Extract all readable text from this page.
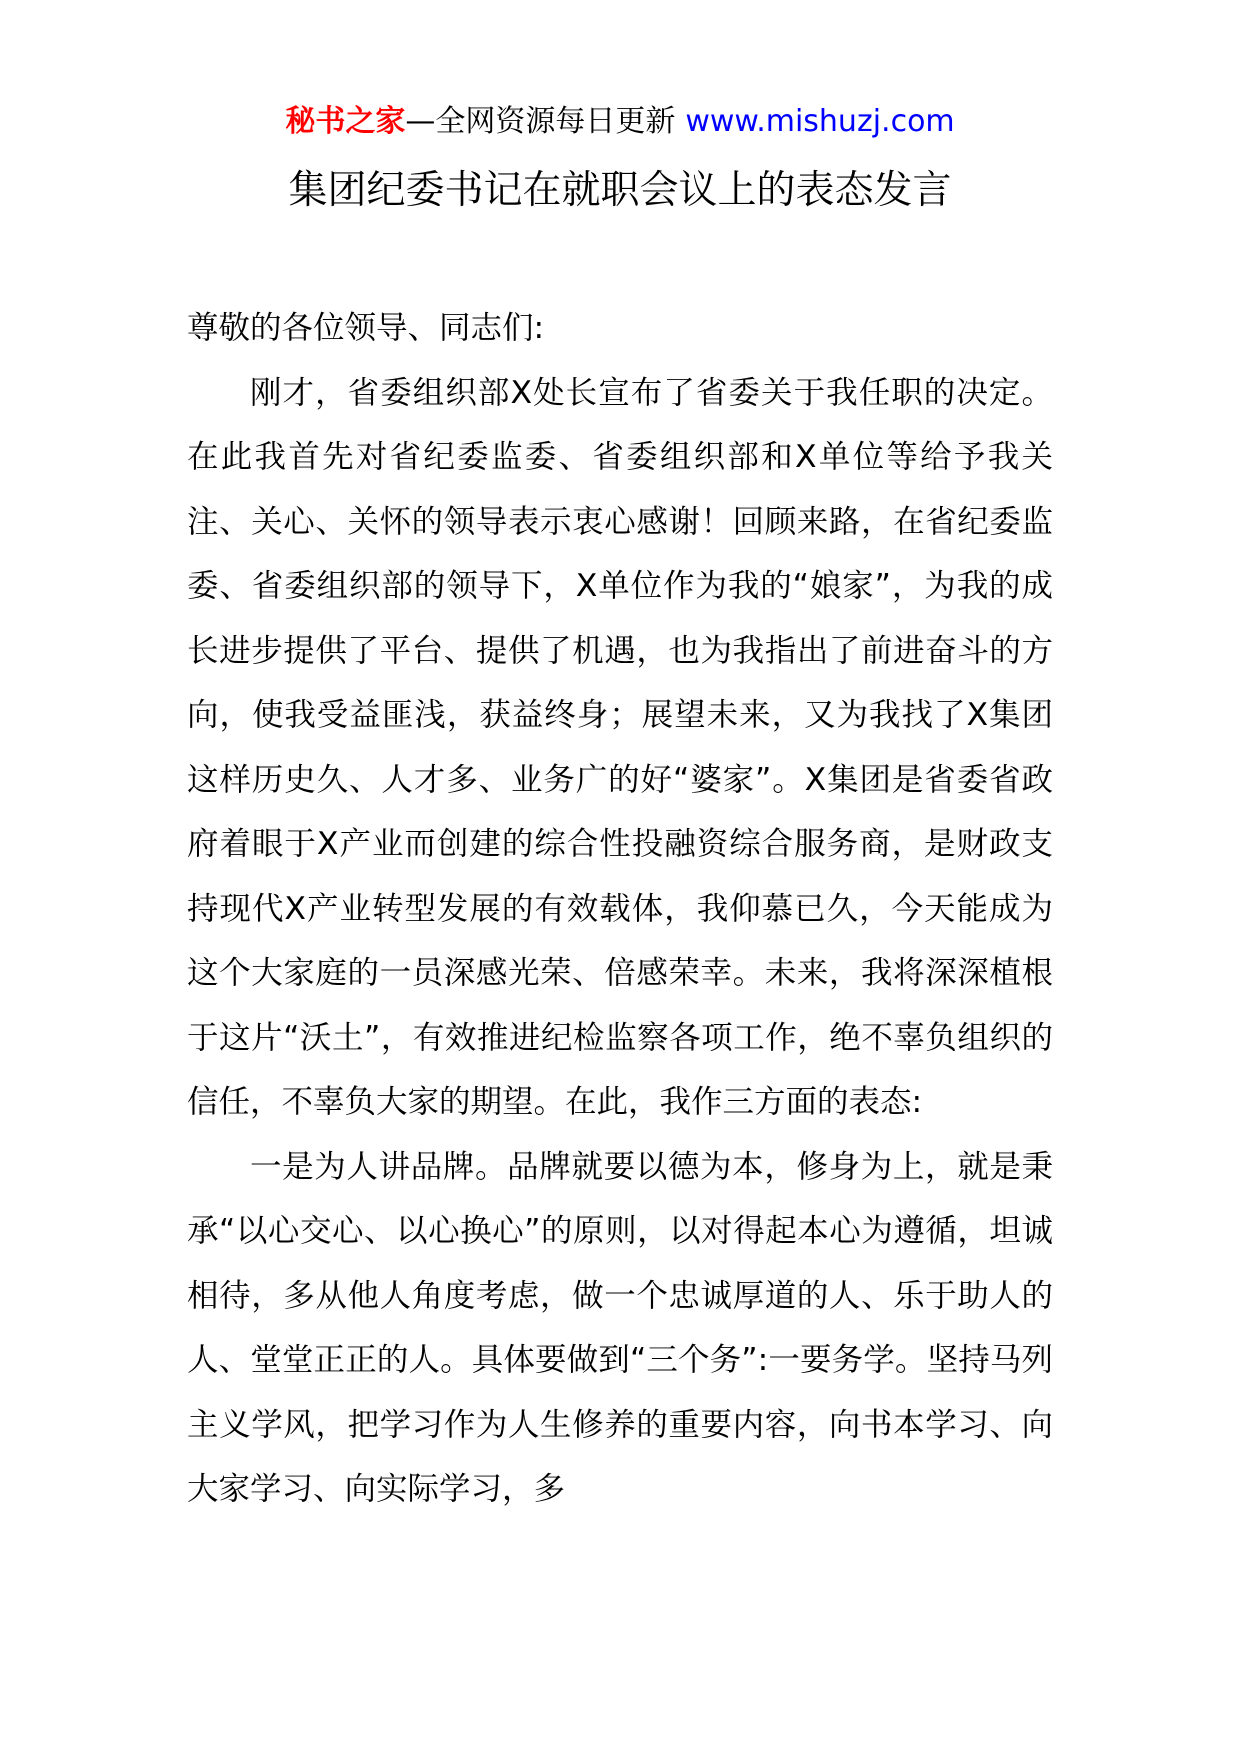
秘书之家—全网资源每日更新 www.mishuzj.com
集团纪委书记在就职会议上的表态发言

尊敬的各位领导、同志们:

刚才，省委组织部X处长宣布了省委关于我任职的决定。在此我首先对省纪委监委、省委组织部和X单位等给予我关注、关心、关怀的领导表示衷心感谢！回顾来路，在省纪委监委、省委组织部的领导下，X单位作为我的“娘家”，为我的成长进步提供了平台、提供了机遇，也为我指出了前进奋斗的方向，使我受益匪浅，获益终身；展望未来，又为我找了X集团这样历史久、人才多、业务广的好“婆家”。X集团是省委省政府着眼于X产业而创建的综合性投融资综合服务商，是财政支持现代X产业转型发展的有效载体，我仰慕已久，今天能成为这个大家庭的一员深感光荣、倍感荣幸。未来，我将深深植根于这片“沃土”，有效推进纪检监察各项工作，绝不辜负组织的信任，不辜负大家的期望。在此，我作三方面的表态:

一是为人讲品牌。品牌就要以德为本，修身为上，就是秉承“以心交心、以心换心”的原则，以对得起本心为遵循，坦诚相待，多从他人角度考虑，做一个忠诚厚道的人、乐于助人的人、堂堂正正的人。具体要做到“三个务”:一要务学。坚持马列主义学风，把学习作为人生修养的重要内容，向书本学习、向大家学习、向实际学习，多
